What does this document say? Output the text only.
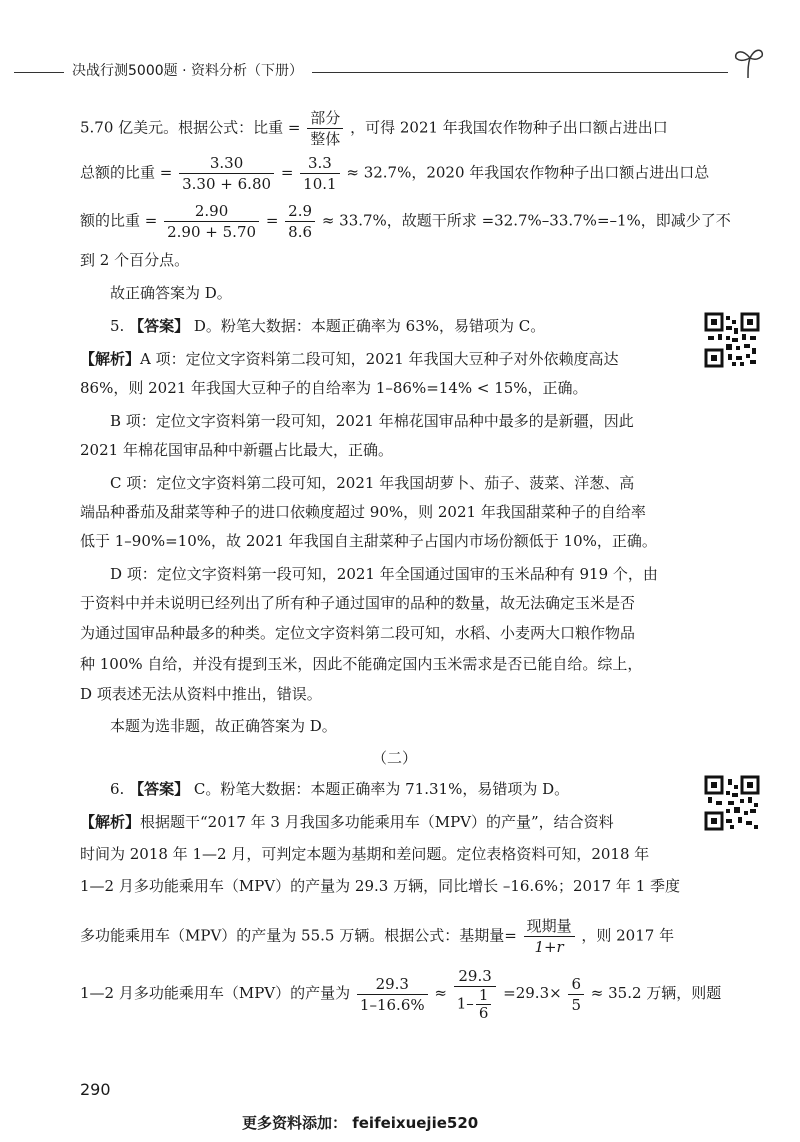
决战行测5000题 · 资料分析（下册）
5.70 亿美元。根据公式：比重 = $\frac{\text{部分}}{\text{整体}}$ ，可得 2021 年我国农作物种子出口额占进出口
总额的比重 = $\frac{3.30}{3.30 + 6.80} = \frac{3.3}{10.1} \approx 32.7\%$，2020 年我国农作物种子出口额占进出口总
额的比重 = $\frac{2.90}{2.90 + 5.70} = \frac{2.9}{8.6} \approx 33.7\%$，故题干所求 =32.7%–33.7%=–1%，即减少了不
到 2 个百分点。
故正确答案为 D。
5. 【答案】 D。粉笔大数据：本题正确率为 63%，易错项为 C。
【解析】A 项：定位文字资料第二段可知，2021 年我国大豆种子对外依赖度高达
86%，则 2021 年我国大豆种子的自给率为 1–86%=14% < 15%，正确。
B 项：定位文字资料第一段可知，2021 年棉花国审品种中最多的是新疆，因此
2021 年棉花国审品种中新疆占比最大，正确。
C 项：定位文字资料第二段可知，2021 年我国胡萝卜、茄子、菠菜、洋葱、高
端品种番茄及甜菜等种子的进口依赖度超过 90%，则 2021 年我国甜菜种子的自给率
低于 1–90%=10%，故 2021 年我国自主甜菜种子占国内市场份额低于 10%，正确。
D 项：定位文字资料第一段可知，2021 年全国通过国审的玉米品种有 919 个，由
于资料中并未说明已经列出了所有种子通过国审的品种的数量，故无法确定玉米是否
为通过国审品种最多的种类。定位文字资料第二段可知，水稻、小麦两大口粮作物品
种 100% 自给，并没有提到玉米，因此不能确定国内玉米需求是否已能自给。综上，
D 项表述无法从资料中推出，错误。
本题为选非题，故正确答案为 D。
（二）
6. 【答案】 C。粉笔大数据：本题正确率为 71.31%，易错项为 D。
【解析】根据题干“2017 年 3 月我国多功能乘用车（MPV）的产量”，结合资料
时间为 2018 年 1—2 月，可判定本题为基期和差问题。定位表格资料可知，2018 年
1—2 月多功能乘用车（MPV）的产量为 29.3 万辆，同比增长 –16.6%；2017 年 1 季度
多功能乘用车（MPV）的产量为 55.5 万辆。根据公式：基期量= $\frac{\text{现期量}}{1+r}$ ，则 2017 年
1—2 月多功能乘用车（MPV）的产量为 $\frac{29.3}{1-16.6\%} \approx \frac{29.3}{1- \frac{1}{6}} =29.3\times \frac{6}{5} \approx 35.2$ 万辆，则题
290
更多资料添加： feifeixuejie520
